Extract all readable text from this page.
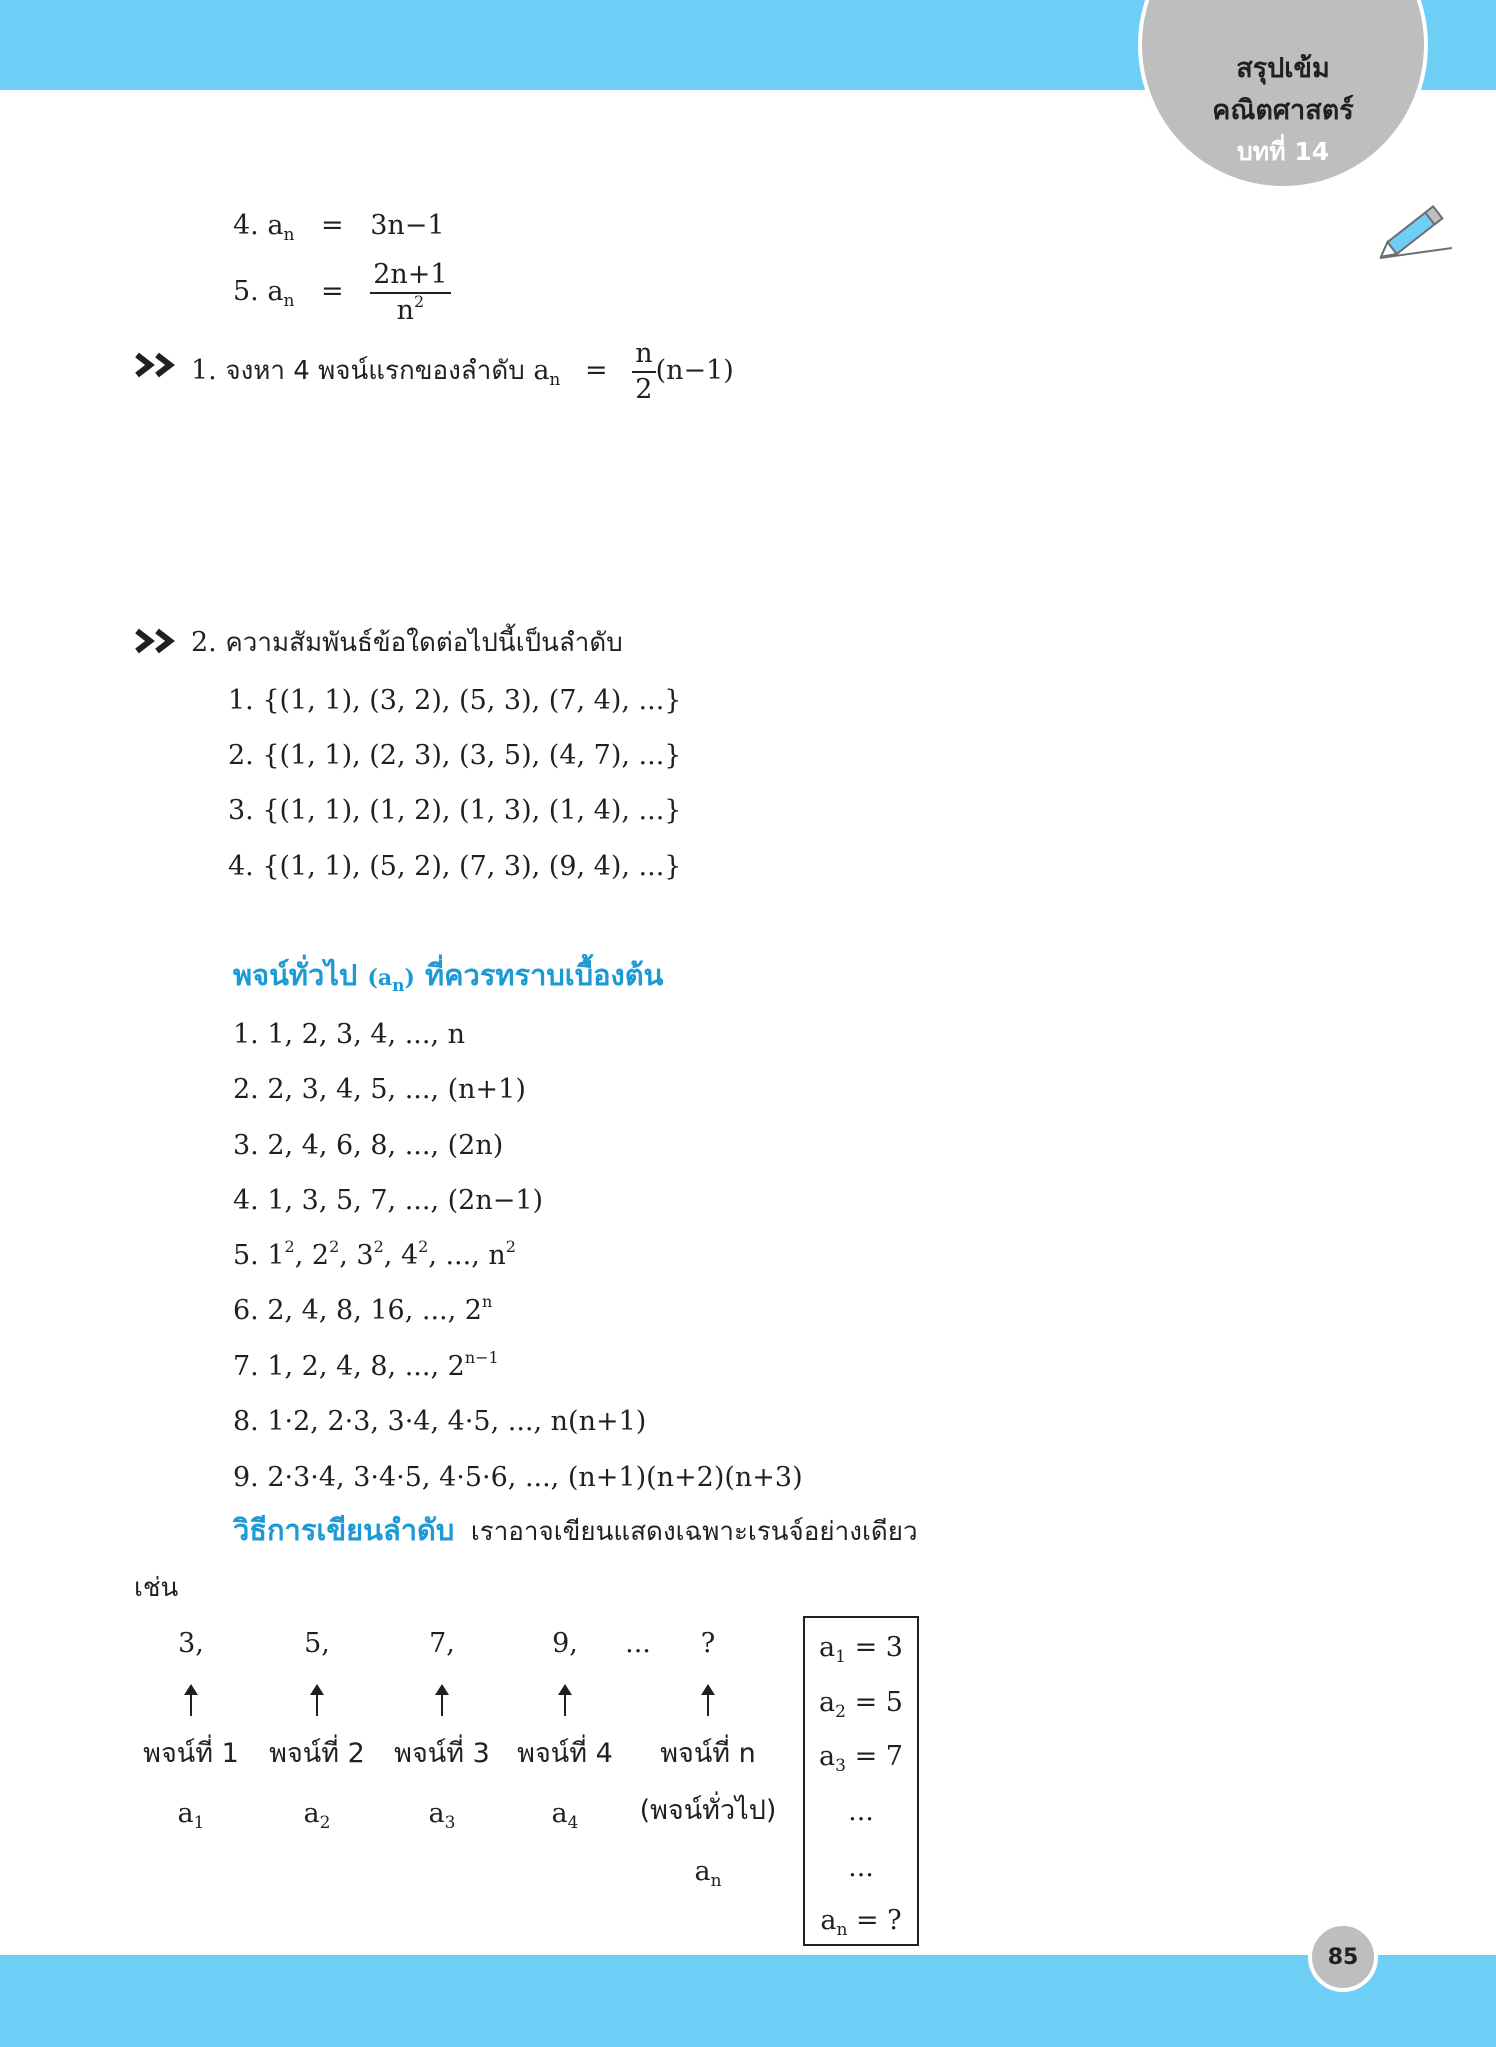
สรุปเข้ม
คณิตศาสตร์
บทที่ 14
4. $a_n = 3n-1$
5. $a_n = \frac{2n+1}{n^2}$
1. จงหา 4 พจน์แรกของลำดับ $a_n = \frac{n}{2} (n-1)$
2. ความสัมพันธ์ข้อใดต่อไปนี้เป็นลำดับ
1. {(1, 1), (3, 2), (5, 3), (7, 4), ...}
2. {(1, 1), (2, 3), (3, 5), (4, 7), ...}
3. {(1, 1), (1, 2), (1, 3), (1, 4), ...}
4. {(1, 1), (5, 2), (7, 3), (9, 4), ...}
พจน์ทั่วไป $(a_n)$ ที่ควรทราบเบื้องต้น
1. 1, 2, 3, 4, ..., n
2. 2, 3, 4, 5, ..., (n+1)
3. 2, 4, 6, 8, ..., (2n)
4. 1, 3, 5, 7, ..., (2n−1)
5. $1^2$, $2^2$, $3^2$, $4^2$, ..., $n^2$
6. 2, 4, 8, 16, ..., 2$^n$
7. 1, 2, 4, 8, ..., $2^{n-1}$
8. 1·2, 2·3, 3·4, 4·5, ..., n(n+1)
9. 2·3·4, 3·4·5, 4·5·6, ..., (n+1)(n+2)(n+3)
วิธีการเขียนลำดับ เราอาจเขียนแสดงเฉพาะเรนจ์อย่างเดียว
เช่น
3,	5,	7,	9,	...	?
พจน์ที่ 1	พจน์ที่ 2	พจน์ที่ 3	พจน์ที่ 4	พจน์ที่ n
(พจน์ทั่วไป)
$a_1$	$a_2$	$a_3$	$a_4$
$a_n$
$a_1 = 3$
$a_2 = 5$
$a_3 = 7$
...
...
$a_n$ = ?
85
